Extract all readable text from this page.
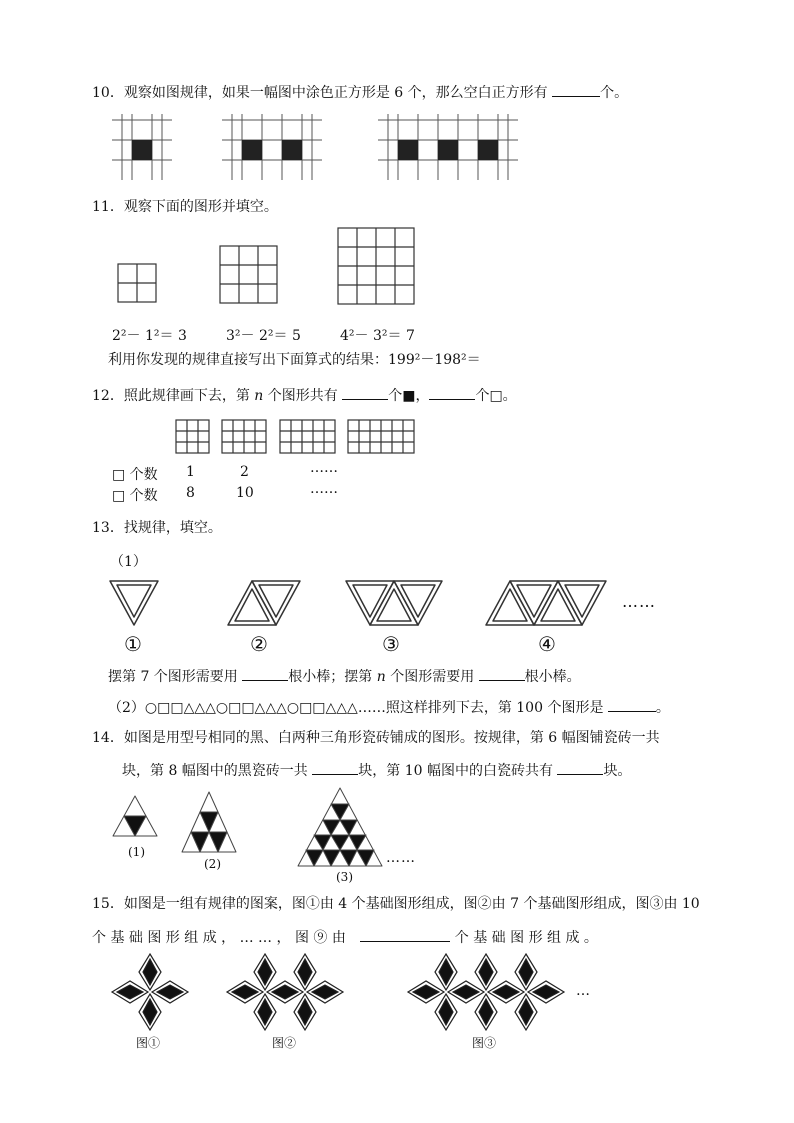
10．观察如图规律，如果一幅图中涂色正方形是 6 个，那么空白正方形有	个。
11．观察下面的图形并填空。
2²－ 1²＝ 3	3²－ 2²＝ 5	4²－ 3²＝ 7
利用你发现的规律直接写出下面算式的结果：199²－198²＝
12．照此规律画下去，第 n 个图形共有	个■，	个□。
□ 个数 1	2	……
□ 个数 8	10	……
13．找规律，填空。
（1）
……
①	②	③	④
摆第 7 个图形需要用	根小棒；摆第 n 个图形需要用	根小棒。
（2）○□□△△△○□□△△△○□□△△△……照这样排列下去，第 100 个图形是	。
14．如图是用型号相同的黑、白两种三角形瓷砖铺成的图形。按规律，第 6 幅图铺瓷砖一共
块，第 8 幅图中的黑瓷砖一共	块，第 10 幅图中的白瓷砖共有	块。
(1)
(2)
(3)
……
15．如图是一组有规律的图案，图①由 4 个基础图形组成，图②由 7 个基础图形组成，图③由 10
个 基 础 图 形 组 成 ， … … ， 图 ⑨ 由	个 基 础 图 形 组 成 。
…
图①	图②	图③
